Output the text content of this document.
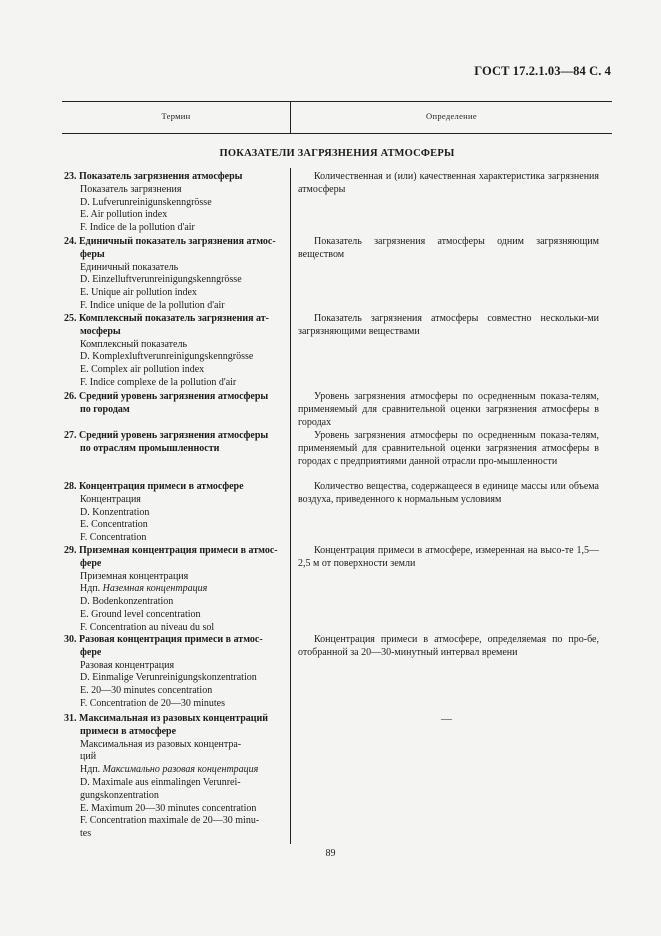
ГОСТ 17.2.1.03—84 С. 4
Термин	Определение
ПОКАЗАТЕЛИ ЗАГРЯЗНЕНИЯ АТМОСФЕРЫ
23. Показатель загрязнения атмосферы
Показатель загрязнения
D. Lufverunreinigunskenngrösse
E. Air pollution index
F. Indice de la pollution d'air
Количественная и (или) качественная характеристика загрязнения атмосферы
24. Единичный показатель загрязнения атмос-
феры
Единичный показатель
D. Einzelluftverunreinigungskenngrösse
E. Unique air pollution index
F. Indice unique de la pollution d'air
Показатель загрязнения атмосферы одним загрязняющим веществом
25. Комплексный показатель загрязнения ат-
мосферы
Комплексный показатель
D. Komplexluftverunreinigungskenngrösse
E. Complex air pollution index
F. Indice complexe de la pollution d'air
Показатель загрязнения атмосферы совместно нескольки-ми загрязняющими веществами
26. Средний уровень загрязнения атмосферы
по городам
Уровень загрязнения атмосферы по осредненным показа-телям, применяемый для сравнительной оценки загрязнения атмосферы в городах
27. Средний уровень загрязнения атмосферы
по отраслям промышленности
Уровень загрязнения атмосферы по осредненным показа-телям, применяемый для сравнительной оценки загрязнения атмосферы в городах с предприятиями данной отрасли про-мышленности
28. Концентрация примеси в атмосфере
Концентрация
D. Konzentration
E. Concentration
F. Concentration
Количество вещества, содержащееся в единице массы или объема воздуха, приведенного к нормальным условиям
29. Приземная концентрация примеси в атмос-
фере
Приземная концентрация
Ндп. Наземная концентрация
D. Bodenkonzentration
E. Ground level concentration
F. Concentration au niveau du sol
Концентрация примеси в атмосфере, измеренная на высо-те 1,5—2,5 м от поверхности земли
30. Разовая концентрация примеси в атмос-
фере
Разовая концентрация
D. Einmalige Verunreinigungskonzentration
E. 20—30 minutes concentration
F. Concentration de 20—30 minutes
Концентрация примеси в атмосфере, определяемая по про-бе, отобранной за 20—30-минутный интервал времени
31. Максимальная из разовых концентраций
примеси в атмосфере
Максимальная из разовых концентра-
ций
Ндп. Максимально разовая концентрация
D. Maximale aus einmalingen Verunrei-
gungskonzentration
E. Maximum 20—30 minutes concentration
F. Concentration maximale de 20—30 minu-
tes
—
89
